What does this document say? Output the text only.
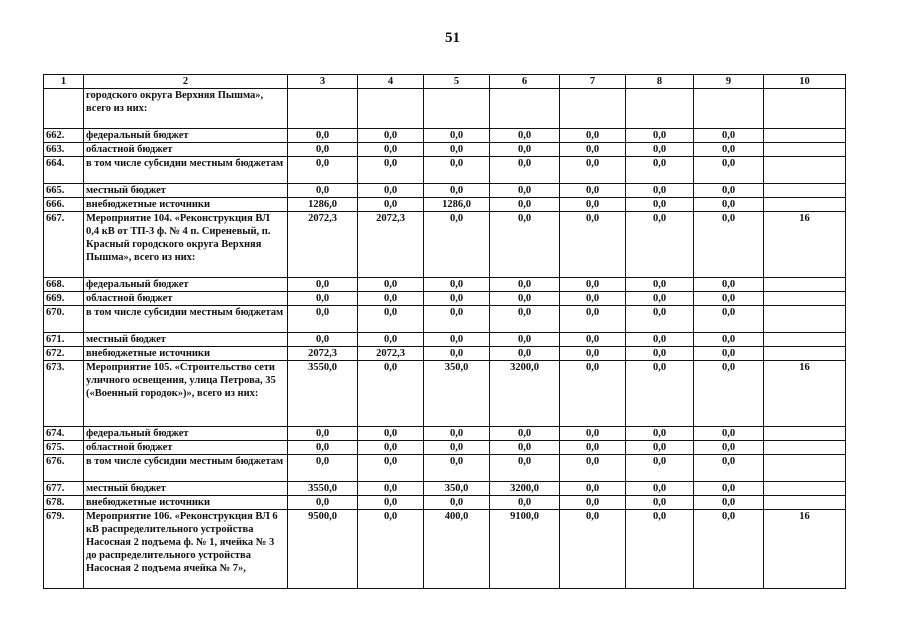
51
1	2	3	4	5	6	7	8	9	10
	городского округа Верхняя Пышма», всего из них:								
662.	федеральный бюджет	0,0	0,0	0,0	0,0	0,0	0,0	0,0	
663.	областной бюджет	0,0	0,0	0,0	0,0	0,0	0,0	0,0	
664.	в том числе субсидии местным бюджетам	0,0	0,0	0,0	0,0	0,0	0,0	0,0	
665.	местный бюджет	0,0	0,0	0,0	0,0	0,0	0,0	0,0	
666.	внебюджетные источники	1286,0	0,0	1286,0	0,0	0,0	0,0	0,0	
667.	Мероприятие 104. «Реконструкция ВЛ 0,4 кВ от ТП-3 ф. № 4 п. Сиреневый, п. Красный городского округа Верхняя Пышма», всего из них:	2072,3	2072,3	0,0	0,0	0,0	0,0	0,0	16
668.	федеральный бюджет	0,0	0,0	0,0	0,0	0,0	0,0	0,0	
669.	областной бюджет	0,0	0,0	0,0	0,0	0,0	0,0	0,0	
670.	в том числе субсидии местным бюджетам	0,0	0,0	0,0	0,0	0,0	0,0	0,0	
671.	местный бюджет	0,0	0,0	0,0	0,0	0,0	0,0	0,0	
672.	внебюджетные источники	2072,3	2072,3	0,0	0,0	0,0	0,0	0,0	
673.	Мероприятие 105. «Строительство сети уличного освещения, улица Петрова, 35 («Военный городок»)», всего из них:	3550,0	0,0	350,0	3200,0	0,0	0,0	0,0	16
674.	федеральный бюджет	0,0	0,0	0,0	0,0	0,0	0,0	0,0	
675.	областной бюджет	0,0	0,0	0,0	0,0	0,0	0,0	0,0	
676.	в том числе субсидии местным бюджетам	0,0	0,0	0,0	0,0	0,0	0,0	0,0	
677.	местный бюджет	3550,0	0,0	350,0	3200,0	0,0	0,0	0,0	
678.	внебюджетные источники	0,0	0,0	0,0	0,0	0,0	0,0	0,0	
679.	Мероприятие 106. «Реконструкция ВЛ 6 кВ распределительного устройства Насосная 2 подъема ф. № 1, ячейка № 3 до распределительного устройства Насосная 2 подъема ячейка № 7»,	9500,0	0,0	400,0	9100,0	0,0	0,0	0,0	16
